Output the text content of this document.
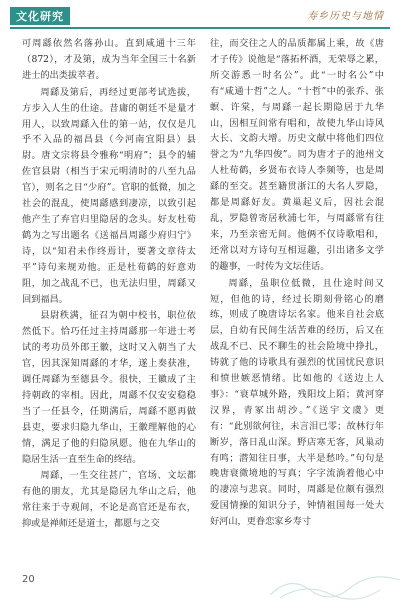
文化研究	寿乡历史与地情

可周繇依然名落孙山。直到咸通十三年（872），才及第，成为当年全国三十名新进士的出类拔萃者。

周繇及第后，再经过更部考试选拔，方步入人生的仕途。昔庸的朝廷不是量才用人，以致周繇入仕的第一站，仅仅是几乎不入品的福昌县（今河南宜阳县）县尉。唐文宗将县令雅称“明府”；县令的辅佐官县尉（相当于宋元明清时的八至九品官），则名之日“少府”。官职的低微，加之社会的混乱，使周繇感到凄凉，以致引起他产生了弃官归里隐居的念头。好友杜荀鹤为之写出题名《送福昌周繇少府归宁》诗，以“知君未作终焉计，要著文章待太平”诗句来规劝他。正是杜荀鹤的好意劝阻，加之战乱不已，也无法归里，周繇又回到福昌。

县尉秩满，征召为朝中校书，职位依然低下。恰巧任过主持周繇那一年进士考试的考功员外郎王徽，这时又入朝当了大官，因其深知周繇的才华，遂上奏获准，调任周繇为至德县令。很快，王徽成了主持朝政的宰相。因此，周繇不仅安安稳稳当了一任县令，任期满后，周繇不愿再做县吏，要求归隐九华山，王徽理解他的心情，满足了他的归隐夙愿。他在九华山的隐居生活一直至生命的终结。

周繇，一生交往甚广，官场、文坛都有他的朋友，尤其是隐居九华山之后，他常往来于寺观间，不论是高官还是布衣，抑或是禅师还是道士，都愿与之交

往，而交往之人的品质都属上乘，故《唐才子传》说他是“落拓杯酒，无荣辱之累，所交游悉一时名公”。此“一时名公”中有“咸通十哲”之人。“十哲”中的张乔、张螟、许棠，与周繇一起长期隐居于九华山，因相互间常有唱和，故使九华山诗风大长、文韵大增。历史文献中将他们四位誉之为“九华四俊”。同为唐才子的池州文人杜荀鹤，乡贤布衣诗人李频等，也是周繇的至交。甚至籍贯浙江的大名人罗隐，都是周繇好友。黄巢起义后，因社会混乱，罗隐曾寄居秋浦七年，与周繇常有往来，乃至亲密无间。他俩不仅诗歌唱和，还常以对方诗句互相逗趣，引出诸多文学的趣事，一时传为文坛佳话。

周繇，虽职位低微，且仕途时间又短，但他的诗，经过长期刻骨铭心的磨练，则成了晚唐诗坛名家。他来自社会底层，自幼有民间生活苦难的经历，后又在战乱不已、民不聊生的社会险境中挣扎，铸就了他的诗歌具有强烈的忧国忧民意识和愤世嫉恶情绪。比如他的《送边上人事》：“衰草城外路，残阳坟上陌；黄河穿汉界，青冢出胡沙。”《送宇文虞》更有：“此别欲何往，未言泪已零；故林行年断岁，落日乱山深。野店寒无客，风巢动有鸣；潜知往日事，大半是愁吟。”句句是晚唐衰微境地的写真；字字流淌着他心中的凄凉与悲哀。同时，周繇是位颇有强烈爱国情操的知识分子，钟情祖国每一处大好河山，更眷恋家乡寿寸

20
